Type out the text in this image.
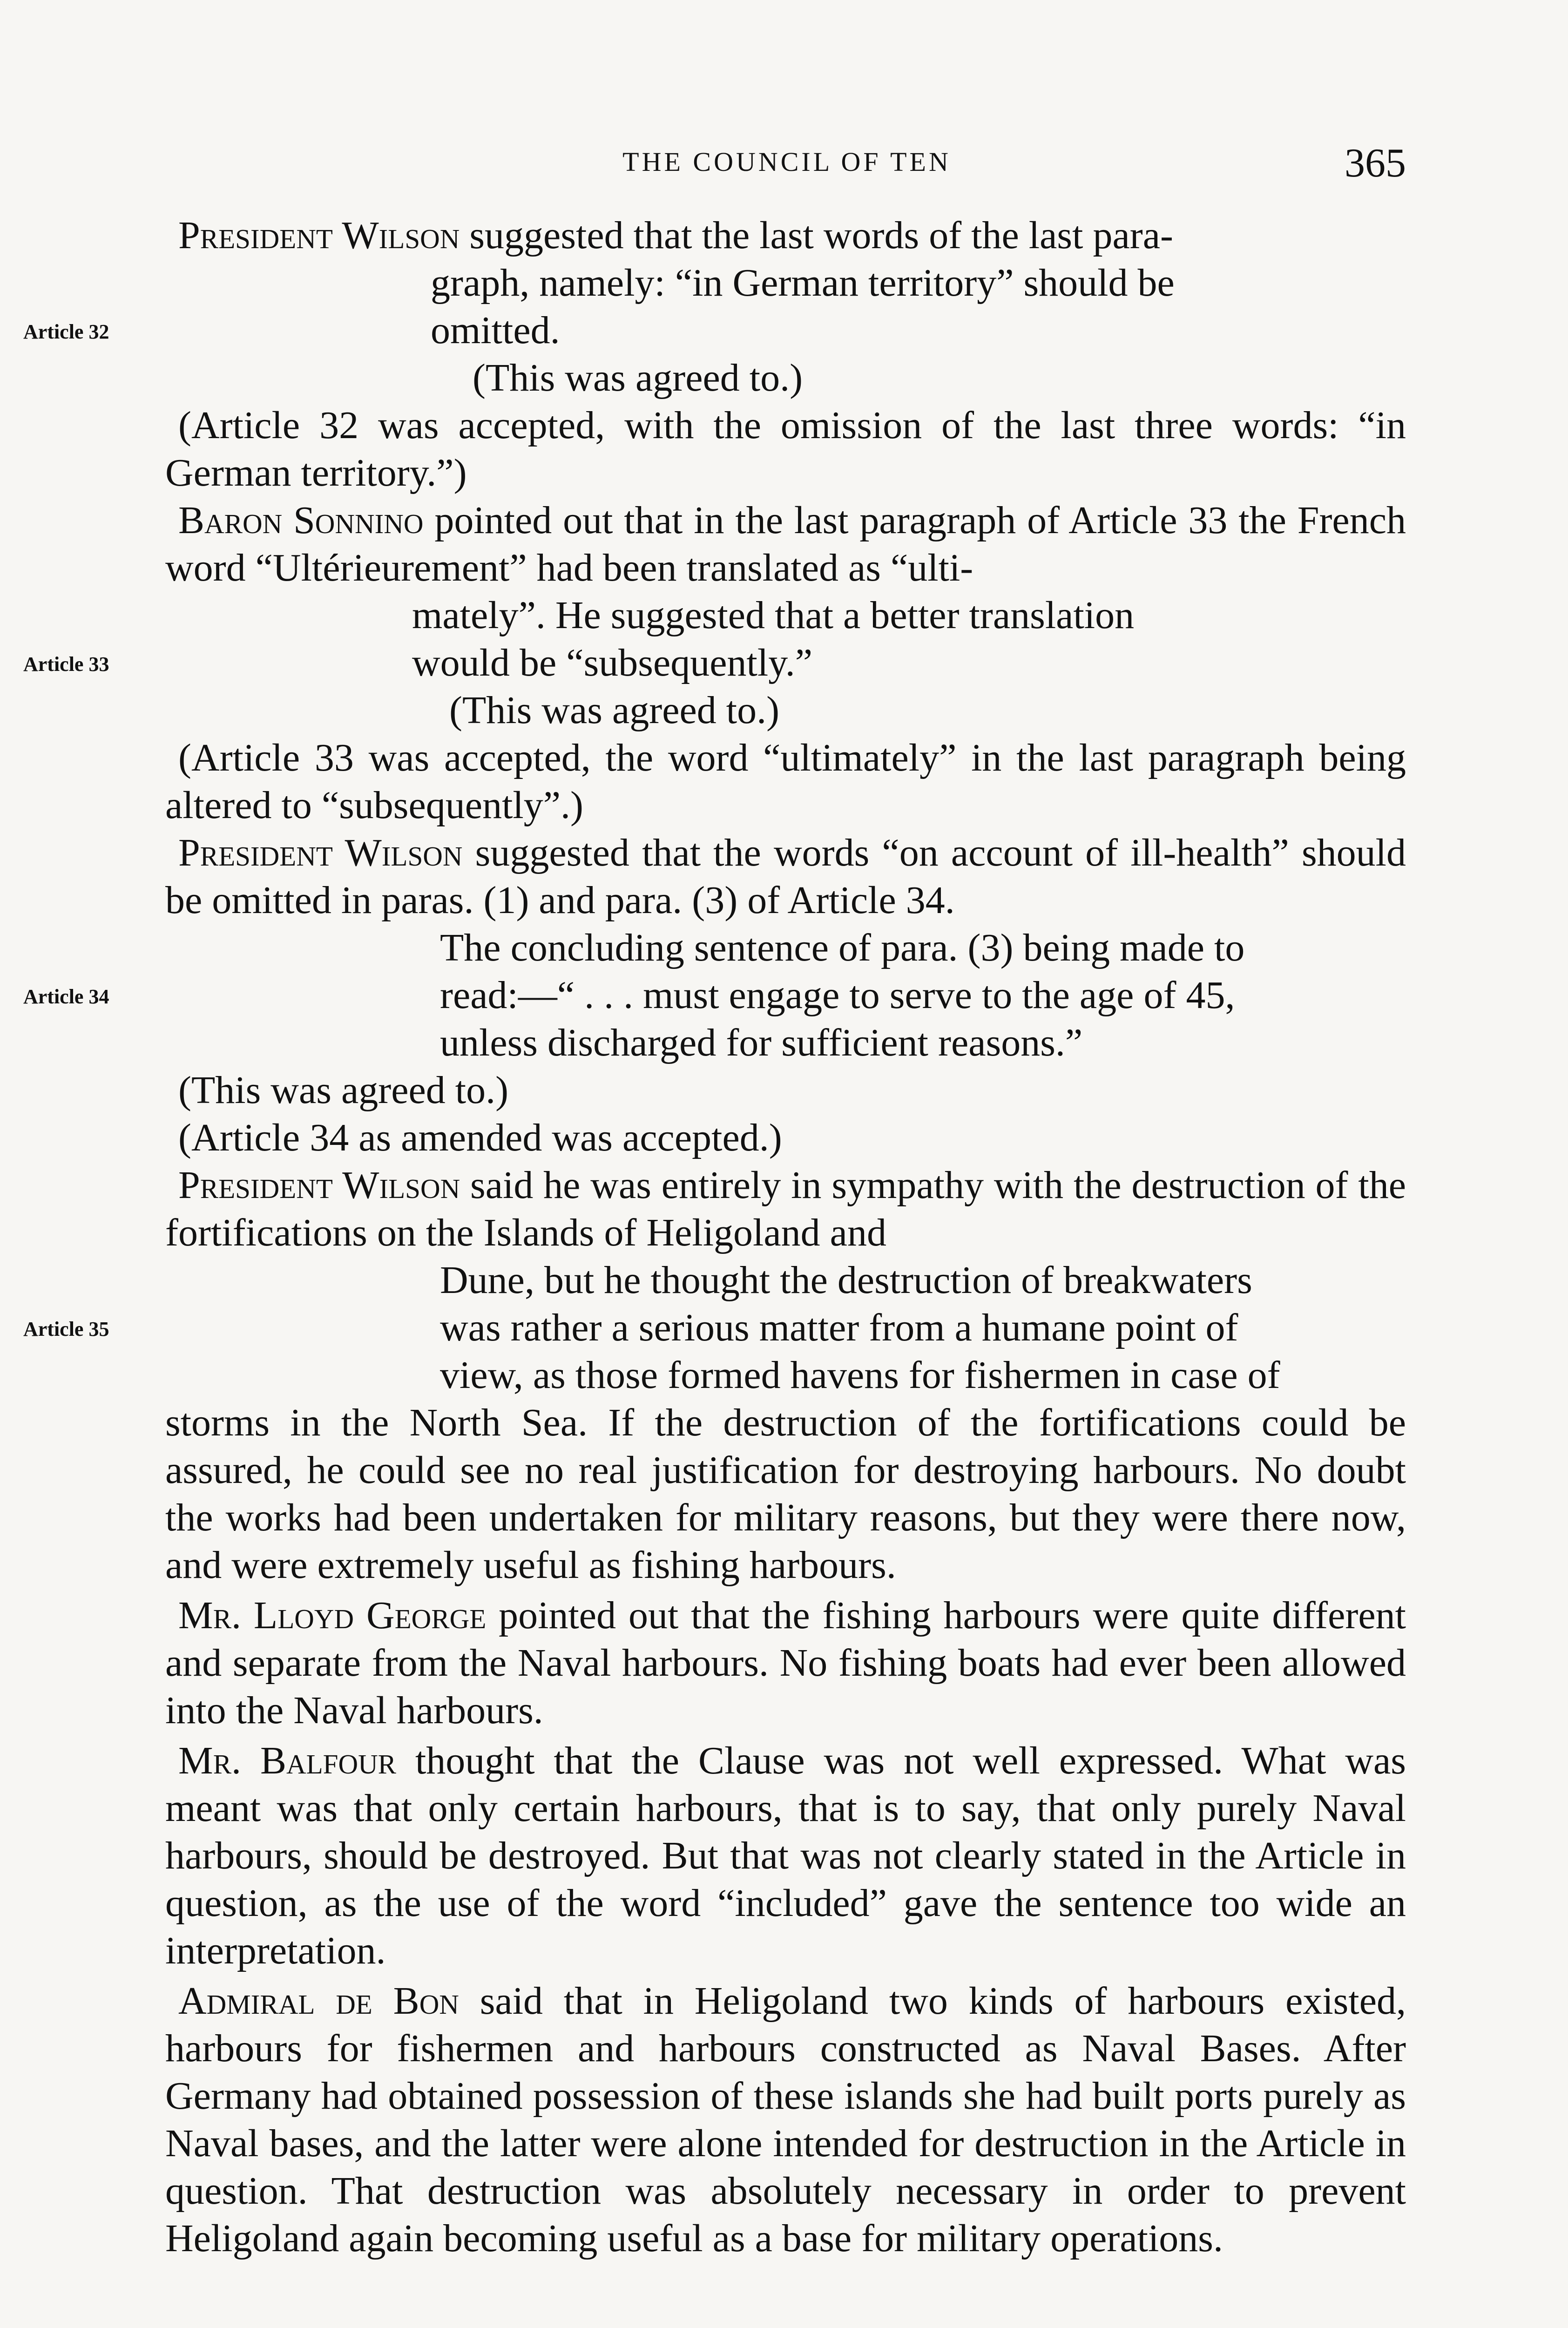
THE COUNCIL OF TEN	365

President Wilson suggested that the last words of the last para-

graph, namely: “in German territory” should be

omitted.

Article 32

(This was agreed to.)

(Article 32 was accepted, with the omission of the last three words: “in German territory.”)

Baron Sonnino pointed out that in the last paragraph of Article 33 the French word “Ultérieurement” had been translated as “ulti-

mately”. He suggested that a better translation

would be “subsequently.”

Article 33

(This was agreed to.)

(Article 33 was accepted, the word “ultimately” in the last paragraph being altered to “subsequently”.)

President Wilson suggested that the words “on account of ill-health” should be omitted in paras. (1) and para. (3) of Article 34.

The concluding sentence of para. (3) being made to

read:—“ . . . must engage to serve to the age of 45,

Article 34

unless discharged for sufficient reasons.”

(This was agreed to.)

(Article 34 as amended was accepted.)

President Wilson said he was entirely in sympathy with the destruction of the fortifications on the Islands of Heligoland and

Dune, but he thought the destruction of breakwaters

was rather a serious matter from a humane point of

Article 35

view, as those formed havens for fishermen in case of

storms in the North Sea. If the destruction of the fortifications could be assured, he could see no real justification for destroying harbours. No doubt the works had been undertaken for military reasons, but they were there now, and were extremely useful as fishing harbours.

Mr. Lloyd George pointed out that the fishing harbours were quite different and separate from the Naval harbours. No fishing boats had ever been allowed into the Naval harbours.

Mr. Balfour thought that the Clause was not well expressed. What was meant was that only certain harbours, that is to say, that only purely Naval harbours, should be destroyed. But that was not clearly stated in the Article in question, as the use of the word “included” gave the sentence too wide an interpretation.

Admiral de Bon said that in Heligoland two kinds of harbours existed, harbours for fishermen and harbours constructed as Naval Bases. After Germany had obtained possession of these islands she had built ports purely as Naval bases, and the latter were alone intended for destruction in the Article in question. That destruction was absolutely necessary in order to prevent Heligoland again becoming useful as a base for military operations.
